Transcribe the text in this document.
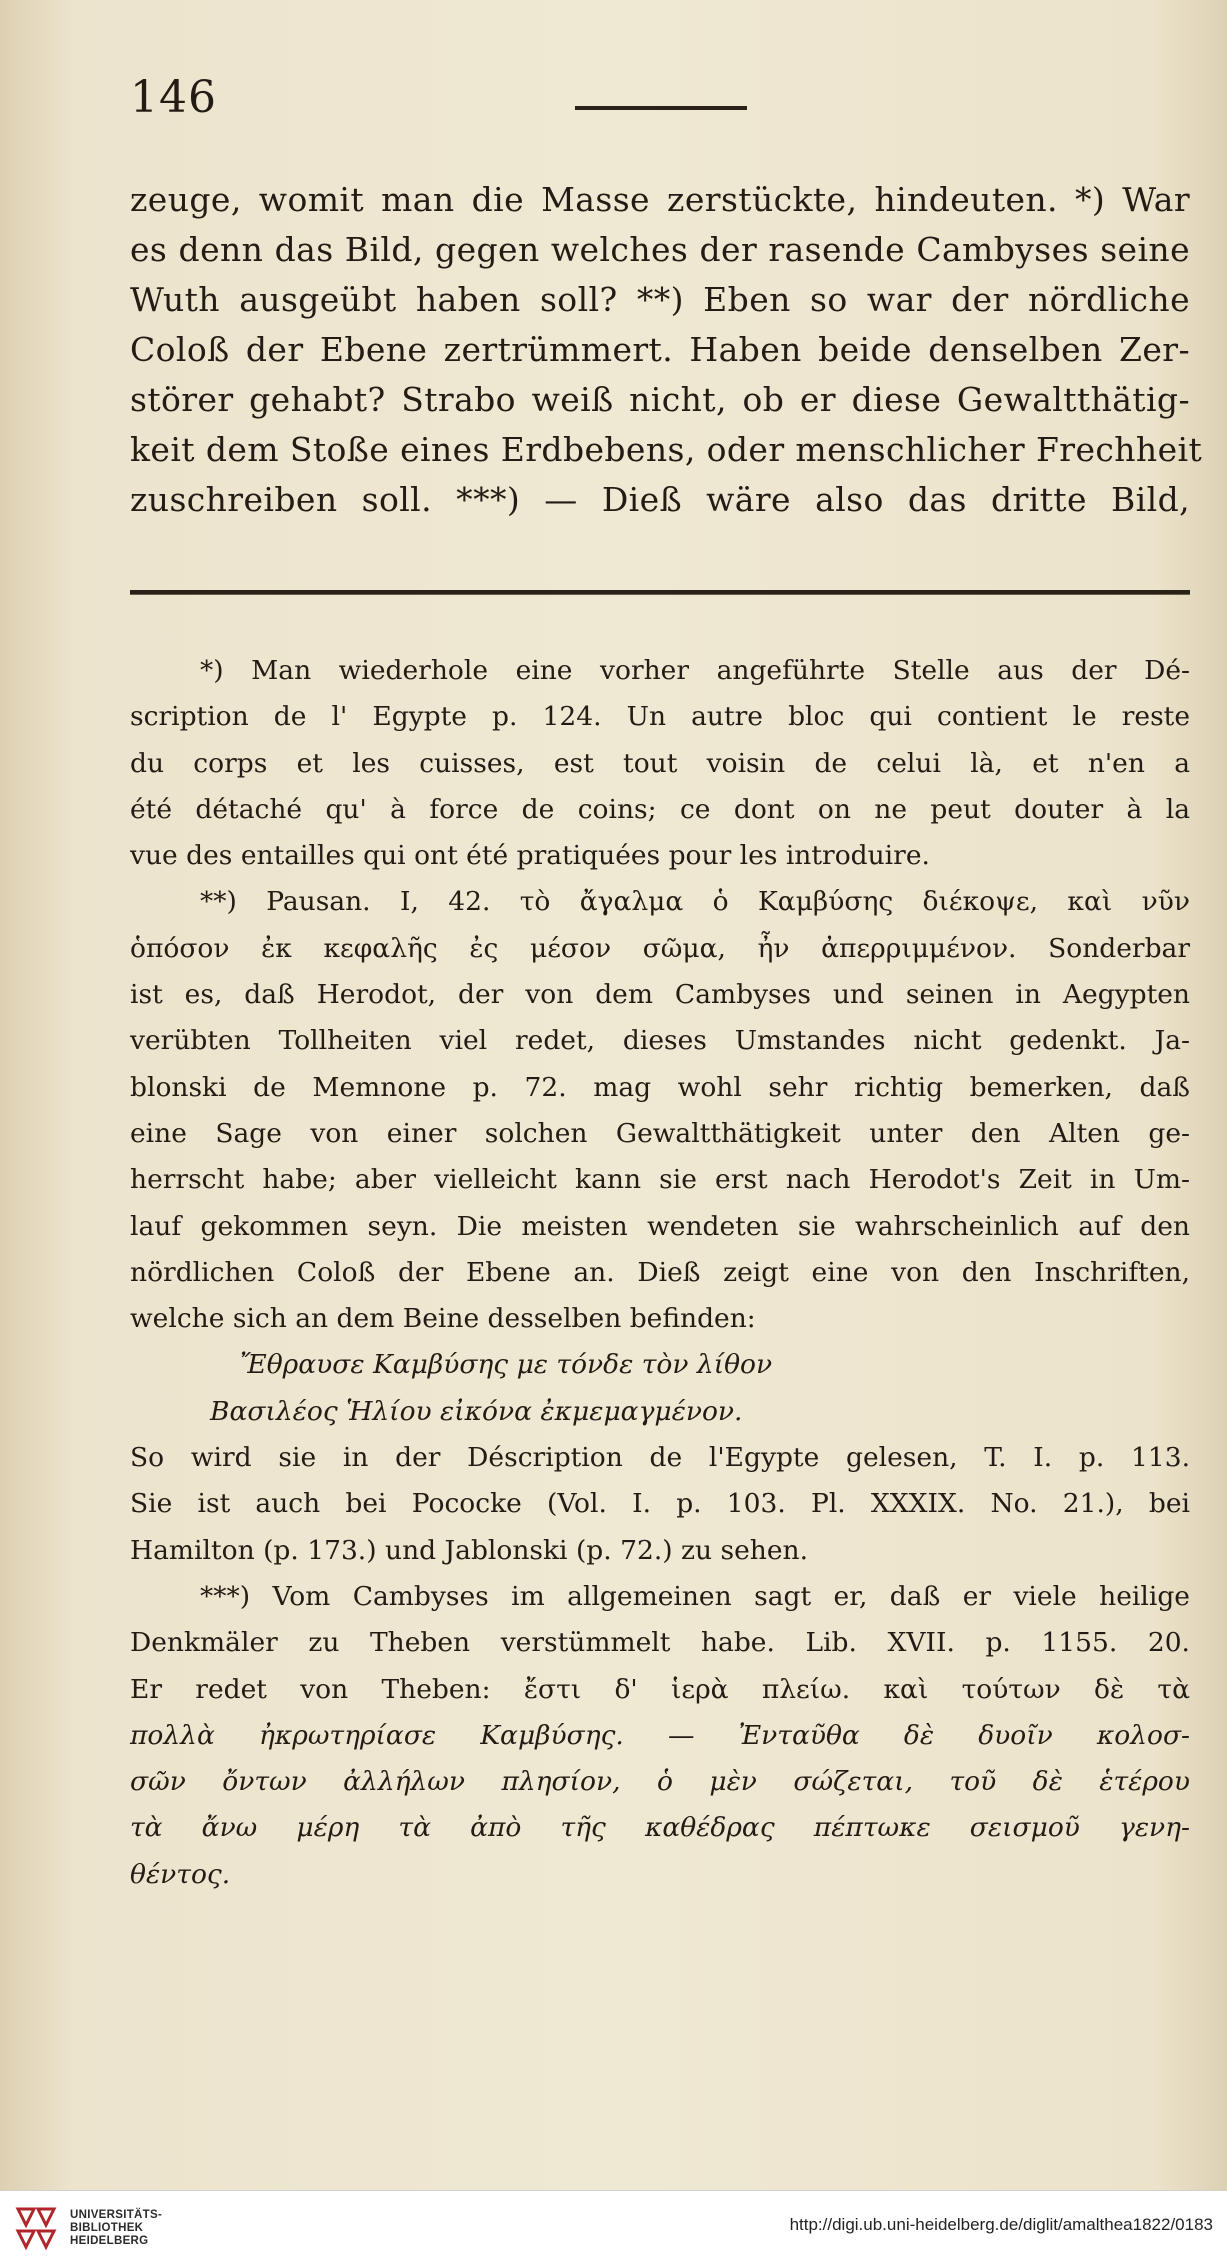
146

zeuge, womit man die Masse zerstückte, hindeuten. *) War

es denn das Bild, gegen welches der rasende Cambyses seine

Wuth ausgeübt haben soll? **) Eben so war der nördliche

Coloß der Ebene zertrümmert. Haben beide denselben Zer-

störer gehabt? Strabo weiß nicht, ob er diese Gewaltthätig-

keit dem Stoße eines Erdbebens, oder menschlicher Frechheit

zuschreiben soll. ***) — Dieß wäre also das dritte Bild,

*) Man wiederhole eine vorher angeführte Stelle aus der Dé-

scription de l' Egypte p. 124. Un autre bloc qui contient le reste

du corps et les cuisses, est tout voisin de celui là, et n'en a

été détaché qu' à force de coins; ce dont on ne peut douter à la

vue des entailles qui ont été pratiquées pour les introduire.

**) Pausan. I, 42. τὸ ἄγαλμα ὁ Καμβύσης διέκοψε, καὶ νῦν

ὁπόσον ἐκ κεφαλῆς ἐς μέσον σῶμα, ἦν ἀπερριμμένον. Sonderbar

ist es, daß Herodot, der von dem Cambyses und seinen in Aegypten

verübten Tollheiten viel redet, dieses Umstandes nicht gedenkt. Ja-

blonski de Memnone p. 72. mag wohl sehr richtig bemerken, daß

eine Sage von einer solchen Gewaltthätigkeit unter den Alten ge-

herrscht habe; aber vielleicht kann sie erst nach Herodot's Zeit in Um-

lauf gekommen seyn. Die meisten wendeten sie wahrscheinlich auf den

nördlichen Coloß der Ebene an. Dieß zeigt eine von den Inschriften,

welche sich an dem Beine desselben befinden:

Ἔθραυσε Καμβύσης με τόνδε τὸν λίθον

Βασιλέος Ἡλίου εἰκόνα ἐκμεμαγμένον.

So wird sie in der Déscription de l'Egypte gelesen, T. I. p. 113.

Sie ist auch bei Pococke (Vol. I. p. 103. Pl. XXXIX. No. 21.), bei

Hamilton (p. 173.) und Jablonski (p. 72.) zu sehen.

***) Vom Cambyses im allgemeinen sagt er, daß er viele heilige

Denkmäler zu Theben verstümmelt habe. Lib. XVII. p. 1155. 20.

Er redet von Theben: ἔστι δ' ἱερὰ πλείω. καὶ τούτων δὲ τὰ

πολλὰ ἠκρωτηρίασε Καμβύσης. — Ἐνταῦθα δὲ δυοῖν κολοσ-

σῶν ὄντων ἀλλήλων πλησίον, ὁ μὲν σώζεται, τοῦ δὲ ἑτέρου

τὰ ἄνω μέρη τὰ ἀπὸ τῆς καθέδρας πέπτωκε σεισμοῦ γενη-

θέντος.

UNIVERSITÄTS-
BIBLIOTHEK
HEIDELBERG
http://digi.ub.uni-heidelberg.de/diglit/amalthea1822/0183
